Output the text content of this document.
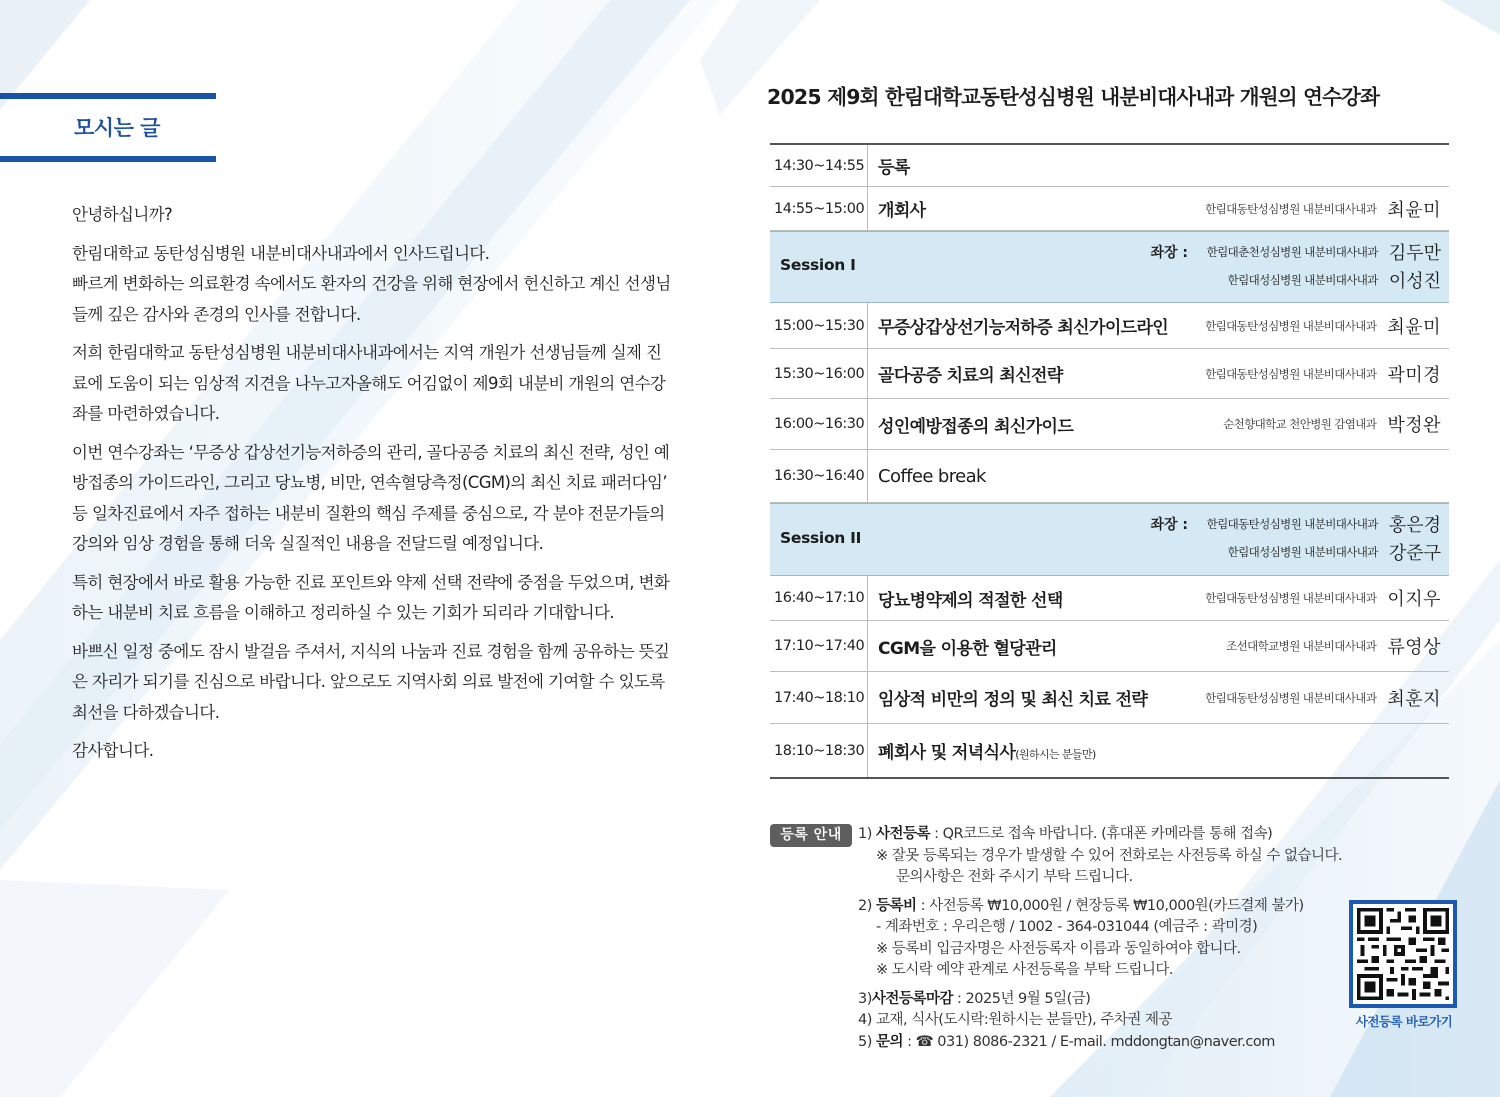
모시는 글

안녕하십니까?

한림대학교 동탄성심병원 내분비대사내과에서 인사드립니다.
빠르게 변화하는 의료환경 속에서도 환자의 건강을 위해 현장에서 헌신하고 계신 선생님들께 깊은 감사와 존경의 인사를 전합니다.

저희 한림대학교 동탄성심병원 내분비대사내과에서는 지역 개원가 선생님들께 실제 진료에 도움이 되는 임상적 지견을 나누고자올해도 어김없이 제9회 내분비 개원의 연수강좌를 마련하였습니다.

이번 연수강좌는 ‘무증상 갑상선기능저하증의 관리, 골다공증 치료의 최신 전략, 성인 예방접종의 가이드라인, 그리고 당뇨병, 비만, 연속혈당측정(CGM)의 최신 치료 패러다임’ 등 일차진료에서 자주 접하는 내분비 질환의 핵심 주제를 중심으로, 각 분야 전문가들의 강의와 임상 경험을 통해 더욱 실질적인 내용을 전달드릴 예정입니다.

특히 현장에서 바로 활용 가능한 진료 포인트와 약제 선택 전략에 중점을 두었으며, 변화하는 내분비 치료 흐름을 이해하고 정리하실 수 있는 기회가 되리라 기대합니다.

바쁘신 일정 중에도 잠시 발걸음 주셔서, 지식의 나눔과 진료 경험을 함께 공유하는 뜻깊은 자리가 되기를 진심으로 바랍니다. 앞으로도 지역사회 의료 발전에 기여할 수 있도록 최선을 다하겠습니다.

감사합니다.

2025 제9회 한림대학교동탄성심병원 내분비대사내과 개원의 연수강좌
14:30~14:55 등록
14:55~15:00 개회사	한림대동탄성심병원 내분비대사내과 최윤미
Session I
좌장 : 한림대춘천성심병원 내분비대사내과 김두만
한림대성심병원 내분비대사내과 이성진
15:00~15:30 무증상갑상선기능저하증 최신가이드라인	한림대동탄성심병원 내분비대사내과 최윤미
15:30~16:00 골다공증 치료의 최신전략	한림대동탄성심병원 내분비대사내과 곽미경
16:00~16:30 성인예방접종의 최신가이드	순천향대학교 천안병원 감염내과 박정완
16:30~16:40 Coffee break
Session II
좌장 : 한림대동탄성심병원 내분비대사내과 홍은경
한림대성심병원 내분비대사내과 강준구
16:40~17:10 당뇨병약제의 적절한 선택	한림대동탄성심병원 내분비대사내과 이지우
17:10~17:40 CGM을 이용한 혈당관리	조선대학교병원 내분비대사내과 류영상
17:40~18:10 임상적 비만의 정의 및 최신 치료 전략	한림대동탄성심병원 내분비대사내과 최훈지
18:10~18:30 폐회사 및 저녁식사(원하시는 분들만)
등록 안내	1) 사전등록 : QR코드로 접속 바랍니다. (휴대폰 카메라를 통해 접속)
※ 잘못 등록되는 경우가 발생할 수 있어 전화로는 사전등록 하실 수 없습니다.
문의사항은 전화 주시기 부탁 드립니다.
2) 등록비 : 사전등록 ₩10,000원 / 현장등록 ₩10,000원(카드결제 불가)
- 계좌번호 : 우리은행 / 1002 - 364-031044 (예금주 : 곽미경)
※ 등록비 입금자명은 사전등록자 이름과 동일하여야 합니다.
※ 도시락 예약 관계로 사전등록을 부탁 드립니다.
3)사전등록마감 : 2025년 9월 5일(금)
4) 교재, 식사(도시락:원하시는 분들만), 주차권 제공
5) 문의 : ☎ 031) 8086-2321 / E-mail. mddongtan@naver.com
사전등록 바로가기
